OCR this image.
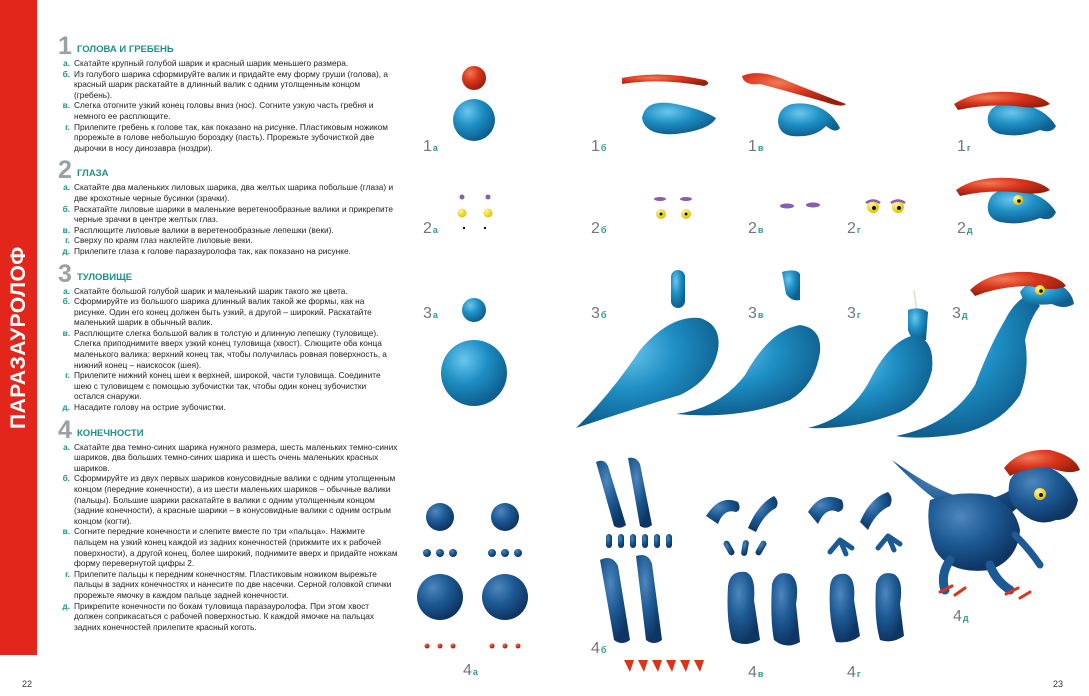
ПАРАЗАУРОЛОФ
1 ГОЛОВА И ГРЕБЕНЬ
а. Скатайте крупный голубой шарик и красный шарик меньшего размера.
б. Из голубого шарика сформируйте валик и придайте ему форму груши (голова), а красный шарик раскатайте в длинный валик с одним утолщенным концом (гребень).
в. Слегка отогните узкий конец головы вниз (нос). Согните узкую часть гребня и немного ее расплющите.
г. Прилепите гребень к голове так, как показано на рисунке. Пластиковым ножиком прорежьте в голове небольшую бороздку (пасть). Прорежьте зубочисткой две дырочки в носу динозавра (ноздри).
2 ГЛАЗА
а. Скатайте два маленьких лиловых шарика, два желтых шарика побольше (глаза) и две крохотные черные бусинки (зрачки).
б. Раскатайте лиловые шарики в маленькие веретенообразные валики и прикрепите черные зрачки в центре желтых глаз.
в. Расплющите лиловые валики в веретенообразные лепешки (веки).
г. Сверху по краям глаз наклейте лиловые веки.
д. Прилепите глаза к голове паразауролофа так, как показано на рисунке.
3 ТУЛОВИЩЕ
а. Скатайте большой голубой шарик и маленький шарик такого же цвета.
б. Сформируйте из большого шарика длинный валик такой же формы, как на рисунке. Один его конец должен быть узкий, а другой – широкий. Раскатайте маленький шарик в обычный валик.
в. Расплющите слегка большой валик в толстую и длинную лепешку (туловище). Слегка приподнимите вверх узкий конец туловища (хвост). Слющите оба конца маленького валика: верхний конец так, чтобы получилась ровная поверхность, а нижний конец – наискосок (шея).
г. Прилепите нижний конец шеи к верхней, широкой, части туловища. Соедините шею с туловищем с помощью зубочистки так, чтобы один конец зубочистки остался снаружи.
д. Насадите голову на острие зубочистки.
4 КОНЕЧНОСТИ
а. Скатайте два темно-синих шарика нужного размера, шесть маленьких темно-синих шариков, два больших темно-синих шарика и шесть очень маленьких красных шариков.
б. Сформируйте из двух первых шариков конусовидные валики с одним утолщенным концом (передние конечности), а из шести маленьких шариков – обычные валики (пальцы). Большие шарики раскатайте в валики с одним утолщенным концом (задние конечности), а красные шарики – в конусовидные валики с одним острым концом (когти).
в. Согните передние конечности и слепите вместе по три «пальца». Нажмите пальцем на узкий конец каждой из задних конечностей (прижмите их к рабочей поверхности), а другой конец, более широкий, поднимите вверх и придайте ножкам форму перевернутой цифры 2.
г. Прилепите пальцы к передним конечностям. Пластиковым ножиком вырежьте пальцы в задних конечностях и нанесите по две насечки. Серной головкой спички прорежьте ямочку в каждом пальце задней конечности.
д. Прикрепите конечности по бокам туловища паразауролофа. При этом хвост должен соприкасаться с рабочей поверхностью. К каждой ямочке на пальцах задних конечностей прилепите красный коготь.
22	23
1а	1б	1в	1г
2а	2б	2в	2г	2д
3а	3б	3в	3г	3д
4а
4б
4в	4г
4д
